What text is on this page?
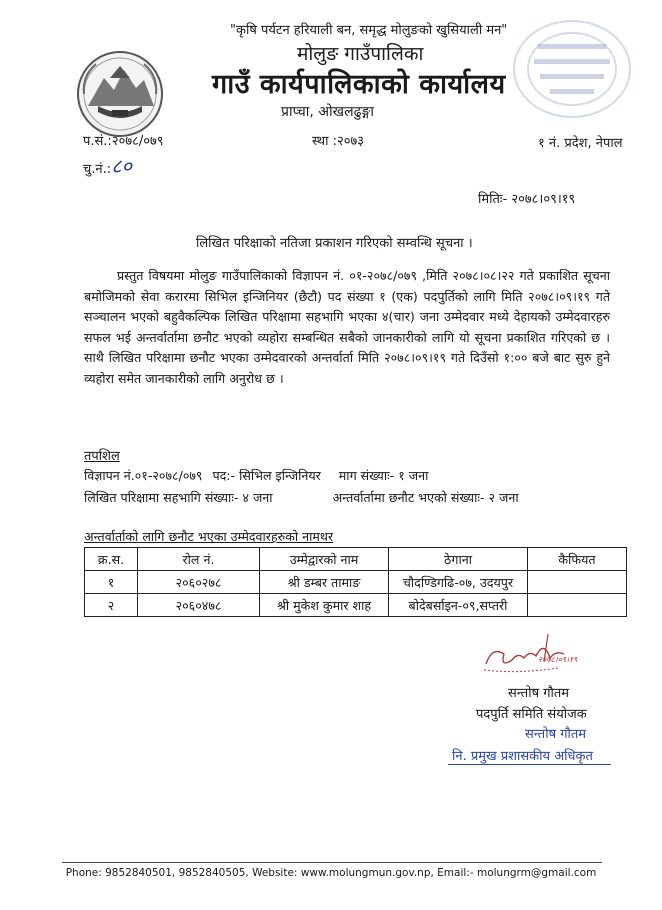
"कृषि पर्यटन हरियाली बन, समृद्ध मोलुङको खुसियाली मन"
मोलुङ गाउँपालिका
गाउँ कार्यपालिकाको कार्यालय
प्राप्चा, ओखलढुङ्गा
प.सं.:२०७८/०७९
चु.नं.:८०
स्था :२०७३	१ नं. प्रदेश, नेपाल
मितिः- २०७८।०९।१९
लिखित परिक्षाको नतिजा प्रकाशन गरिएको सम्वन्धि सूचना ।
प्रस्तुत विषयमा मोलुङ गाउँपालिकाको विज्ञापन नं. ०१-२०७८/०७९ ,मिति २०७८।०८।२२ गते प्रकाशित सूचना बमोजिमको सेवा करारमा सिभिल इन्जिनियर (छैटौ) पद संख्या १ (एक) पदपुर्तिको लागि मिति २०७८।०९।१९ गते सञ्चालन भएको बहुवैकल्पिक लिखित परिक्षामा सहभागि भएका ४(चार) जना उम्मेदवार मध्ये देहायको उम्मेदवारहरु सफल भई अन्तर्वार्तामा छनौट भएको व्यहोरा सम्बन्धित सबैको जानकारीको लागि यो सूचना प्रकाशित गरिएको छ ।साथै लिखित परिक्षामा छनौट भएका उम्मेदवारको अन्तर्वार्ता मिति २०७८।०९।१९ गते दिउँसो १:०० बजे बाट सुरु हुने व्यहोरा समेत जानकारीको लागि अनुरोध छ ।
तपशिल
विज्ञापन नं.०१-२०७८/०७९ पद:- सिभिल इन्जिनियर माग संख्याः- १ जना
लिखित परिक्षामा सहभागि संख्याः- ४ जना	अन्तर्वार्तामा छनौट भएको संख्याः- २ जना
अन्तर्वार्ताको लागि छनौट भएका उम्मेदवारहरुको नामथर
क्र.स.	रोल नं.	उम्मेद्वारको नाम	ठेगाना	कैफियत
१	२०६०२७८	श्री डम्बर तामाङ	चौदण्डिगढि-०७, उदयपुर	
२	२०६०४७८	श्री मुकेश कुमार शाह	बोदेबर्साइन-०९,सप्तरी	
२०७८।०९।१९
सन्तोष गौतम
पदपुर्ति समिति संयोजक
सन्तोष गौतम
नि. प्रमुख प्रशासकीय अधिकृत
Phone: 9852840501, 9852840505, Website: www.molungmun.gov.np, Email:- molungrm@gmail.com
